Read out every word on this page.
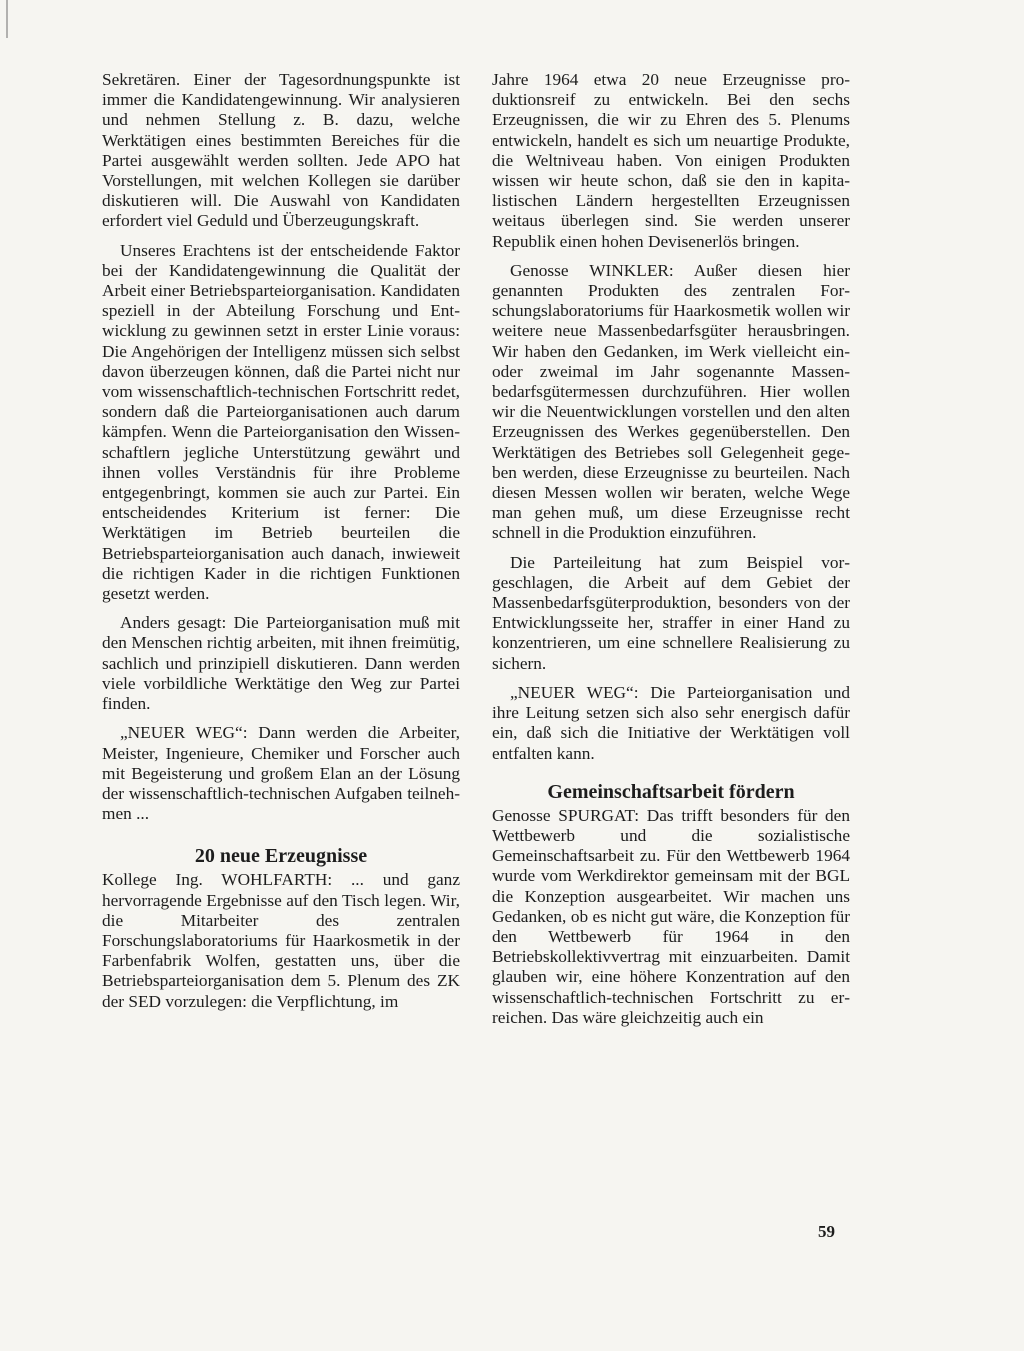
Sekretären. Einer der Tagesordnungspunkte ist immer die Kandidatengewinnung. Wir analysieren und nehmen Stellung z. B. dazu, welche Werktätigen eines bestimmten Bereiches für die Partei ausgewählt werden sollten. Jede APO hat Vorstellungen, mit welchen Kollegen sie darüber diskutieren will. Die Auswahl von Kandidaten erfordert viel Geduld und Überzeugungskraft.

Unseres Erachtens ist der entscheidende Faktor bei der Kandidatengewinnung die Qualität der Arbeit einer Betriebsparteiorganisation. Kandidaten speziell in der Abteilung Forschung und Entwicklung zu gewinnen setzt in erster Linie voraus: Die Angehörigen der Intelligenz müssen sich selbst davon überzeugen können, daß die Partei nicht nur vom wissenschaftlich-technischen Fortschritt redet, sondern daß die Parteiorganisationen auch darum kämpfen. Wenn die Parteiorganisation den Wissenschaftlern jegliche Unterstützung gewährt und ihnen volles Verständnis für ihre Probleme entgegenbringt, kommen sie auch zur Partei. Ein entscheidendes Kriterium ist ferner: Die Werktätigen im Betrieb beurteilen die Betriebsparteiorganisation auch danach, inwieweit die richtigen Kader in die richtigen Funktionen gesetzt werden.

Anders gesagt: Die Parteiorganisation muß mit den Menschen richtig arbeiten, mit ihnen freimütig, sachlich und prinzipiell diskutieren. Dann werden viele vorbildliche Werktätige den Weg zur Partei finden.

„NEUER WEG“: Dann werden die Arbeiter, Meister, Ingenieure, Chemiker und Forscher auch mit Begeisterung und großem Elan an der Lösung der wissenschaftlich-technischen Aufgaben teilnehmen ...

20 neue Erzeugnisse

Kollege Ing. WOHLFARTH: ... und ganz hervorragende Ergebnisse auf den Tisch legen. Wir, die Mitarbeiter des zentralen Forschungslaboratoriums für Haarkosmetik in der Farbenfabrik Wolfen, gestatten uns, über die Betriebsparteiorganisation dem 5. Plenum des ZK der SED vorzulegen: die Verpflichtung, im

Jahre 1964 etwa 20 neue Erzeugnisse produktionsreif zu entwickeln. Bei den sechs Erzeugnissen, die wir zu Ehren des 5. Plenums entwickeln, handelt es sich um neuartige Produkte, die Weltniveau haben. Von einigen Produkten wissen wir heute schon, daß sie den in kapitalistischen Ländern hergestellten Erzeugnissen weitaus überlegen sind. Sie werden unserer Republik einen hohen Devisenerlös bringen.

Genosse WINKLER: Außer diesen hier genannten Produkten des zentralen Forschungslaboratoriums für Haarkosmetik wollen wir weitere neue Massenbedarfsgüter herausbringen. Wir haben den Gedanken, im Werk vielleicht ein- oder zweimal im Jahr sogenannte Massenbedarfsgütermessen durchzuführen. Hier wollen wir die Neuentwicklungen vorstellen und den alten Erzeugnissen des Werkes gegenüberstellen. Den Werktätigen des Betriebes soll Gelegenheit gegeben werden, diese Erzeugnisse zu beurteilen. Nach diesen Messen wollen wir beraten, welche Wege man gehen muß, um diese Erzeugnisse recht schnell in die Produktion einzuführen.

Die Parteileitung hat zum Beispiel vorgeschlagen, die Arbeit auf dem Gebiet der Massenbedarfsgüterproduktion, besonders von der Entwicklungsseite her, straffer in einer Hand zu konzentrieren, um eine schnellere Realisierung zu sichern.

„NEUER WEG“: Die Parteiorganisation und ihre Leitung setzen sich also sehr energisch dafür ein, daß sich die Initiative der Werktätigen voll entfalten kann.

Gemeinschaftsarbeit fördern

Genosse SPURGAT: Das trifft besonders für den Wettbewerb und die sozialistische Gemeinschaftsarbeit zu. Für den Wettbewerb 1964 wurde vom Werkdirektor gemeinsam mit der BGL die Konzeption ausgearbeitet. Wir machen uns Gedanken, ob es nicht gut wäre, die Konzeption für den Wettbewerb für 1964 in den Betriebskollektivvertrag mit einzuarbeiten. Damit glauben wir, eine höhere Konzentration auf den wissenschaftlich-technischen Fortschritt zu erreichen. Das wäre gleichzeitig auch ein

59
